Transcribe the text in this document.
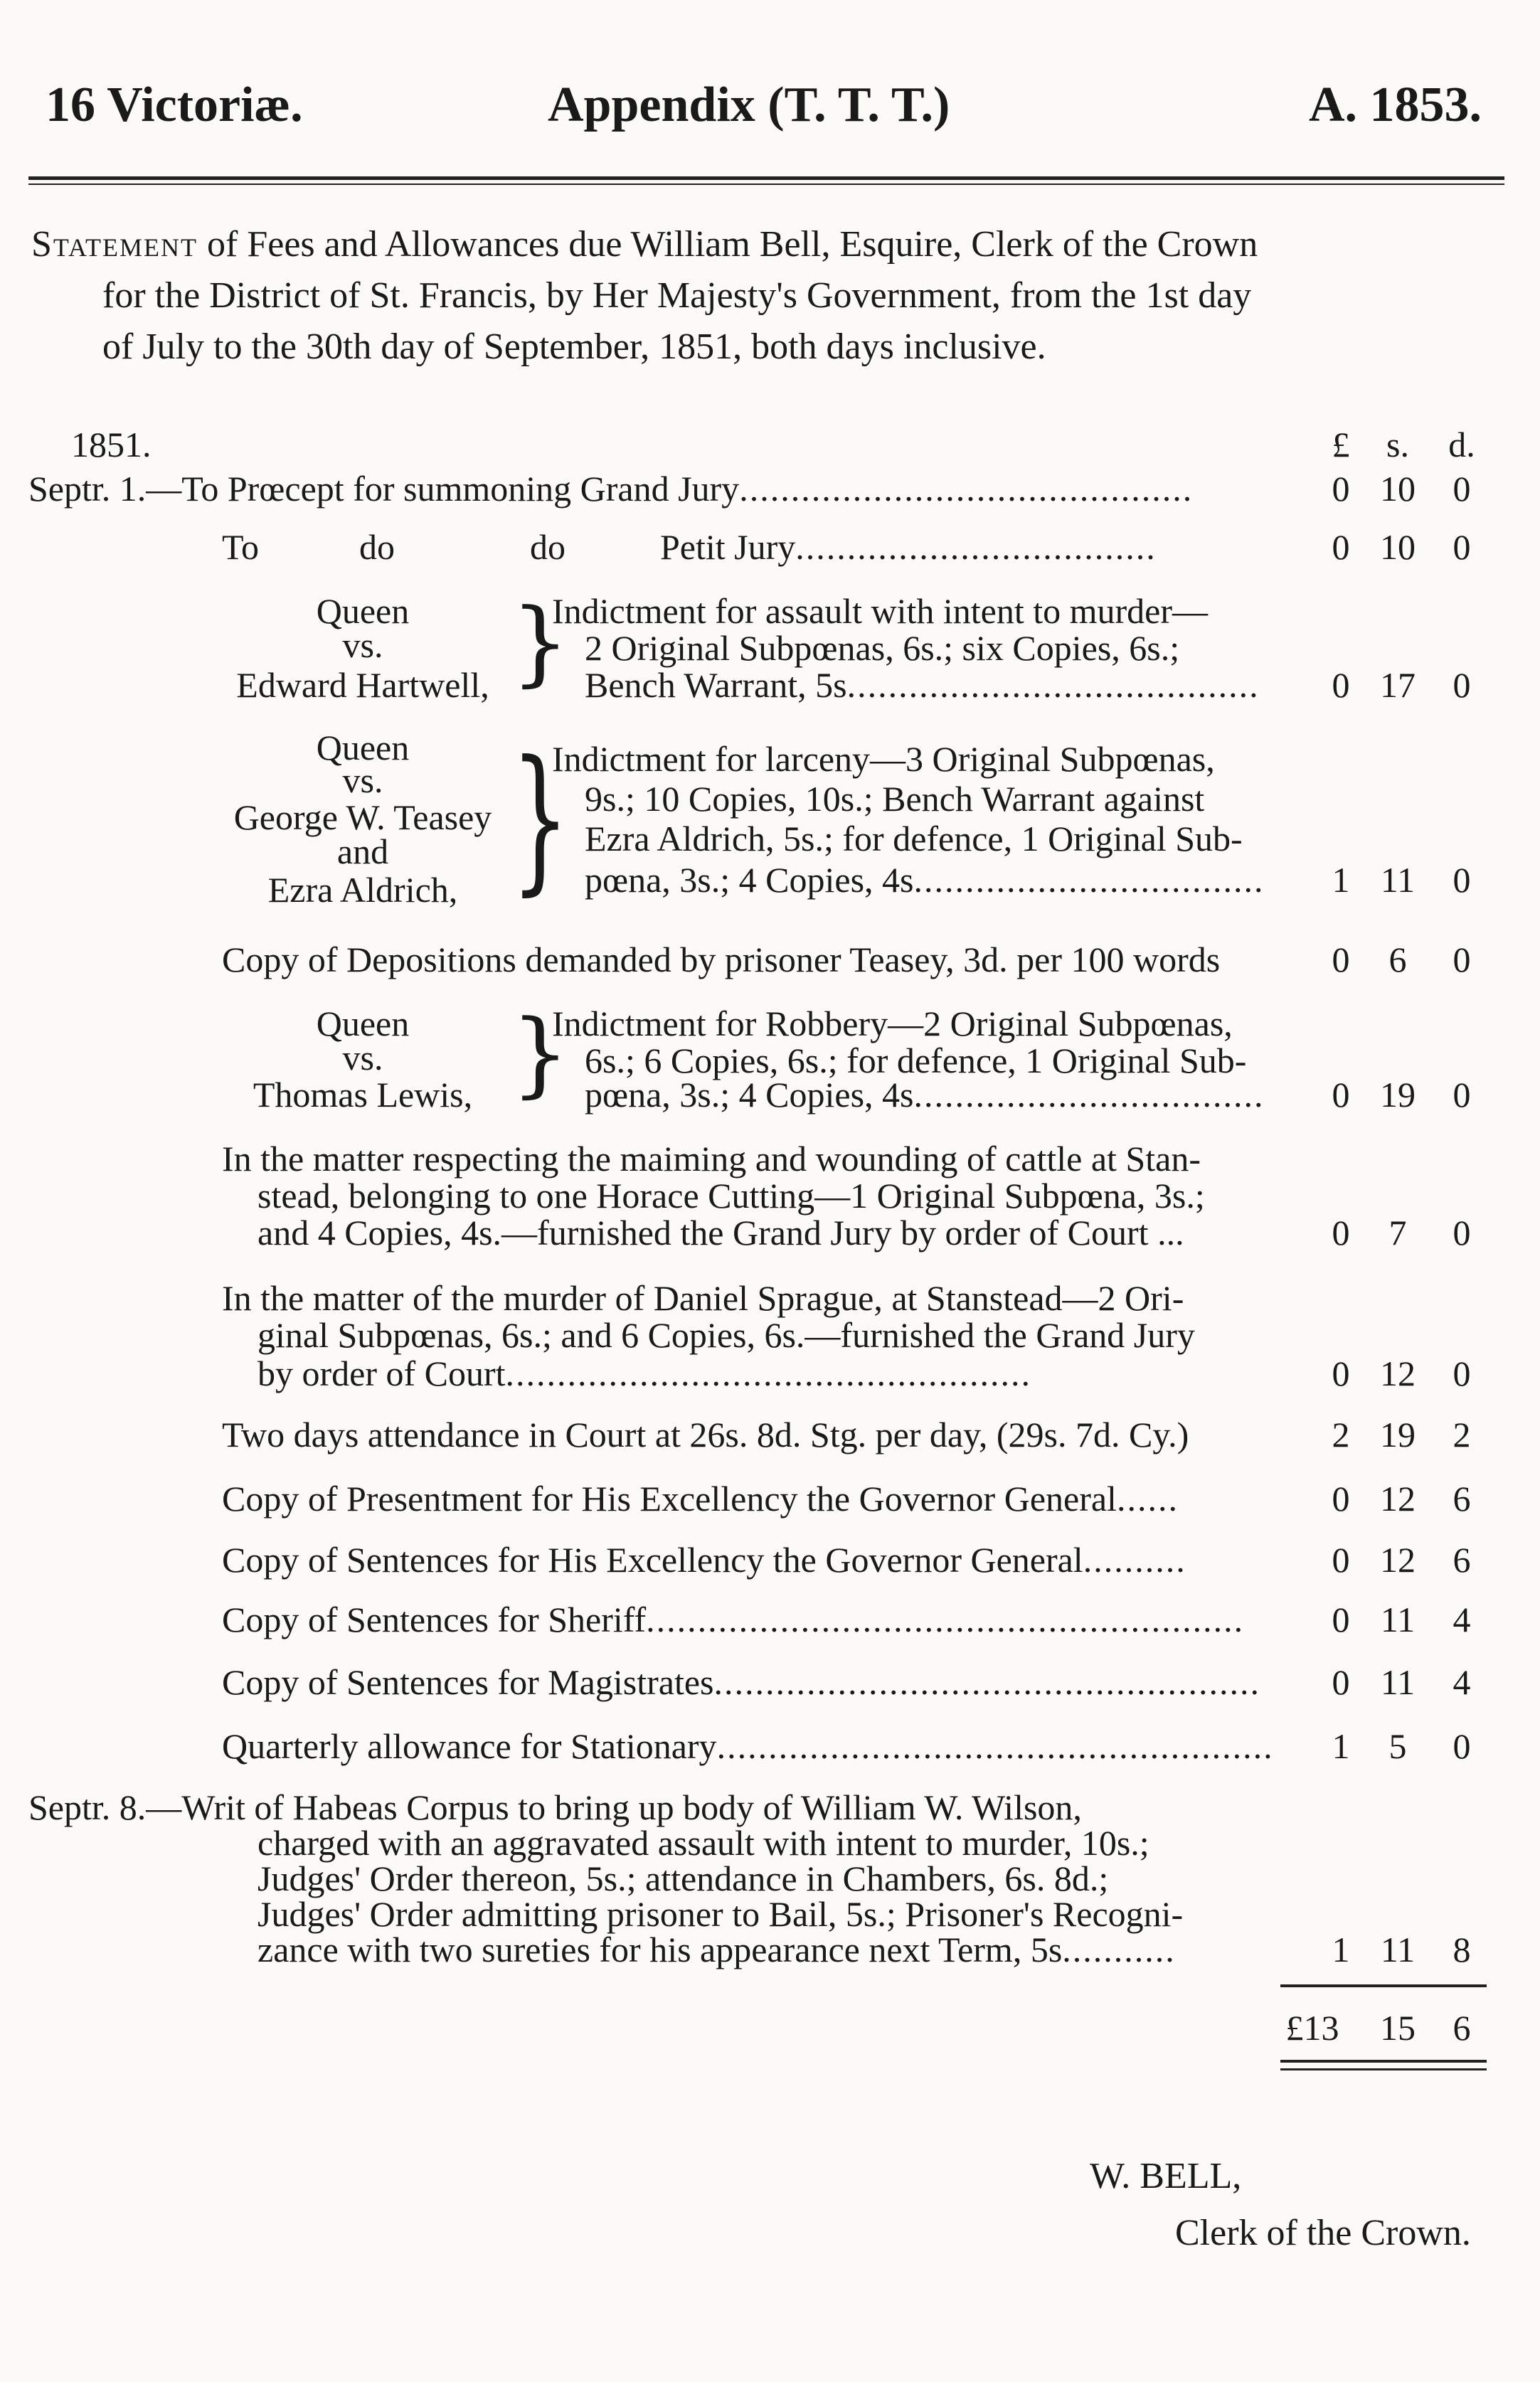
16 Victoriæ.	Appendix (T. T. T.)	A. 1853.
Statement of Fees and Allowances due William Bell, Esquire, Clerk of the Crown
for the District of St. Francis, by Her Majesty's Government, from the 1st day
of July to the 30th day of September, 1851, both days inclusive.
1851.	£	s.	d.
Septr. 1.—To Prœcept for summoning Grand Jury............................................	0 10 0
To	do	do	Petit Jury...................................	0 10 0
Queen
vs.
Edward Hartwell, }
Indictment for assault with intent to murder—
2 Original Subpœnas, 6s.; six Copies, 6s.;
Bench Warrant, 5s........................................ 0 17 0
Queen
vs.
George W. Teasey
and
Ezra Aldrich, }
Indictment for larceny—3 Original Subpœnas,
9s.; 10 Copies, 10s.; Bench Warrant against
Ezra Aldrich, 5s.; for defence, 1 Original Sub-
pœna, 3s.; 4 Copies, 4s.................................. 1 11 0
Copy of Depositions demanded by prisoner Teasey, 3d. per 100 words	0	6	0
Queen
vs.
Thomas Lewis, }
Indictment for Robbery—2 Original Subpœnas,
6s.; 6 Copies, 6s.; for defence, 1 Original Sub-
pœna, 3s.; 4 Copies, 4s.................................. 0 19 0
In the matter respecting the maiming and wounding of cattle at Stan-
stead, belonging to one Horace Cutting—1 Original Subpœna, 3s.;
and 4 Copies, 4s.—furnished the Grand Jury by order of Court ...	0	7	0
In the matter of the murder of Daniel Sprague, at Stanstead—2 Ori-
ginal Subpœnas, 6s.; and 6 Copies, 6s.—furnished the Grand Jury
by order of Court...................................................	0 12 0
Two days attendance in Court at 26s. 8d. Stg. per day, (29s. 7d. Cy.)	2 19 2
Copy of Presentment for His Excellency the Governor General......	0 12 6
Copy of Sentences for His Excellency the Governor General..........	0 12 6
Copy of Sentences for Sheriff.......................................................... 0 11 4
Copy of Sentences for Magistrates..................................................... 0 11 4
Quarterly allowance for Stationary...................................................... 1	5	0
Septr. 8.—Writ of Habeas Corpus to bring up body of William W. Wilson,
charged with an aggravated assault with intent to murder, 10s.;
Judges' Order thereon, 5s.; attendance in Chambers, 6s. 8d.;
Judges' Order admitting prisoner to Bail, 5s.; Prisoner's Recogni-
zance with two sureties for his appearance next Term, 5s...........	1 11 8
£13	15 6
W. BELL,
Clerk of the Crown.
